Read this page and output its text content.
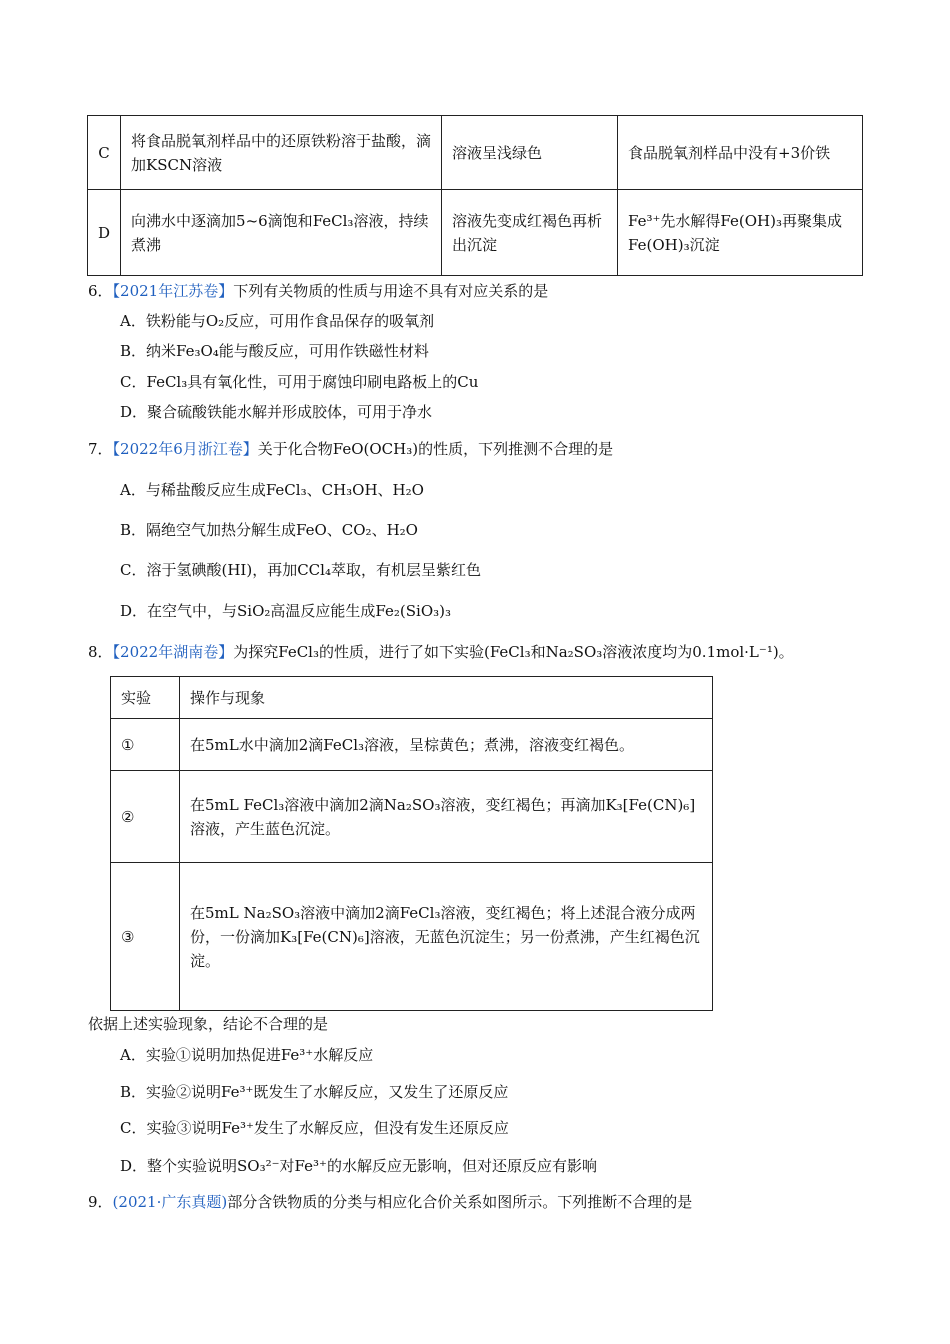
C	将食品脱氧剂样品中的还原铁粉溶于盐酸，滴加KSCN溶液	溶液呈浅绿色	食品脱氧剂样品中没有+3价铁
D	向沸水中逐滴加5~6滴饱和FeCl₃溶液，持续煮沸	溶液先变成红褐色再析出沉淀	Fe³⁺先水解得Fe(OH)₃再聚集成Fe(OH)₃沉淀
6．【2021年江苏卷】下列有关物质的性质与用途不具有对应关系的是
A．铁粉能与O₂反应，可用作食品保存的吸氧剂
B．纳米Fe₃O₄能与酸反应，可用作铁磁性材料
C．FeCl₃具有氧化性，可用于腐蚀印刷电路板上的Cu
D．聚合硫酸铁能水解并形成胶体，可用于净水
7．【2022年6月浙江卷】关于化合物FeO(OCH₃)的性质，下列推测不合理的是
A．与稀盐酸反应生成FeCl₃、CH₃OH、H₂O
B．隔绝空气加热分解生成FeO、CO₂、H₂O
C．溶于氢碘酸(HI)，再加CCl₄萃取，有机层呈紫红色
D．在空气中，与SiO₂高温反应能生成Fe₂(SiO₃)₃
8．【2022年湖南卷】为探究FeCl₃的性质，进行了如下实验(FeCl₃和Na₂SO₃溶液浓度均为0.1mol·L⁻¹)。
实验	操作与现象
①	在5mL水中滴加2滴FeCl₃溶液，呈棕黄色；煮沸，溶液变红褐色。
②	在5mL FeCl₃溶液中滴加2滴Na₂SO₃溶液，变红褐色；再滴加K₃[Fe(CN)₆]溶液，产生蓝色沉淀。
③	在5mL Na₂SO₃溶液中滴加2滴FeCl₃溶液，变红褐色；将上述混合液分成两份，一份滴加K₃[Fe(CN)₆]溶液，无蓝色沉淀生；另一份煮沸，产生红褐色沉淀。
依据上述实验现象，结论不合理的是
A．实验①说明加热促进Fe³⁺水解反应
B．实验②说明Fe³⁺既发生了水解反应，又发生了还原反应
C．实验③说明Fe³⁺发生了水解反应，但没有发生还原反应
D．整个实验说明SO₃²⁻对Fe³⁺的水解反应无影响，但对还原反应有影响
9．(2021·广东真题)部分含铁物质的分类与相应化合价关系如图所示。下列推断不合理的是
